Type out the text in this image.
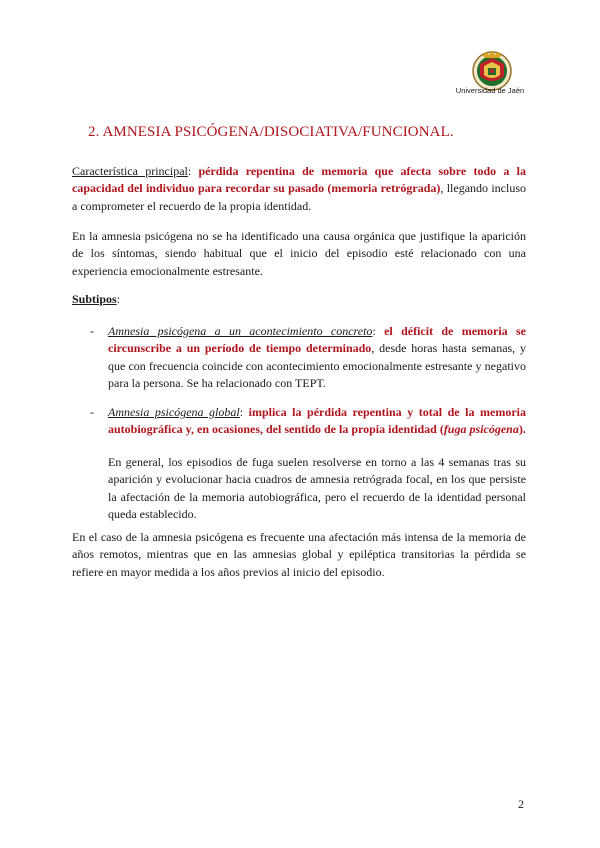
Universidad de Jaén
2. AMNESIA PSICÓGENA/DISOCIATIVA/FUNCIONAL.

Característica principal: pérdida repentina de memoria que afecta sobre todo a la capacidad del individuo para recordar su pasado (memoria retrógrada), llegando incluso a comprometer el recuerdo de la propia identidad.

En la amnesia psicógena no se ha identificado una causa orgánica que justifique la aparición de los síntomas, siendo habitual que el inicio del episodio esté relacionado con una experiencia emocionalmente estresante.

Subtipos:

- Amnesia psicógena a un acontecimiento concreto: el déficit de memoria se circunscribe a un período de tiempo determinado, desde horas hasta semanas, y que con frecuencia coincide con acontecimiento emocionalmente estresante y negativo para la persona. Se ha relacionado con TEPT.

- Amnesia psicógena global: implica la pérdida repentina y total de la memoria autobiográfica y, en ocasiones, del sentido de la propia identidad (fuga psicógena).

En general, los episodios de fuga suelen resolverse en torno a las 4 semanas tras su aparición y evolucionar hacia cuadros de amnesia retrógrada focal, en los que persiste la afectación de la memoria autobiográfica, pero el recuerdo de la identidad personal queda establecido.

En el caso de la amnesia psicógena es frecuente una afectación más intensa de la memoria de años remotos, mientras que en las amnesias global y epiléptica transitorias la pérdida se refiere en mayor medida a los años previos al inicio del episodio.

2
